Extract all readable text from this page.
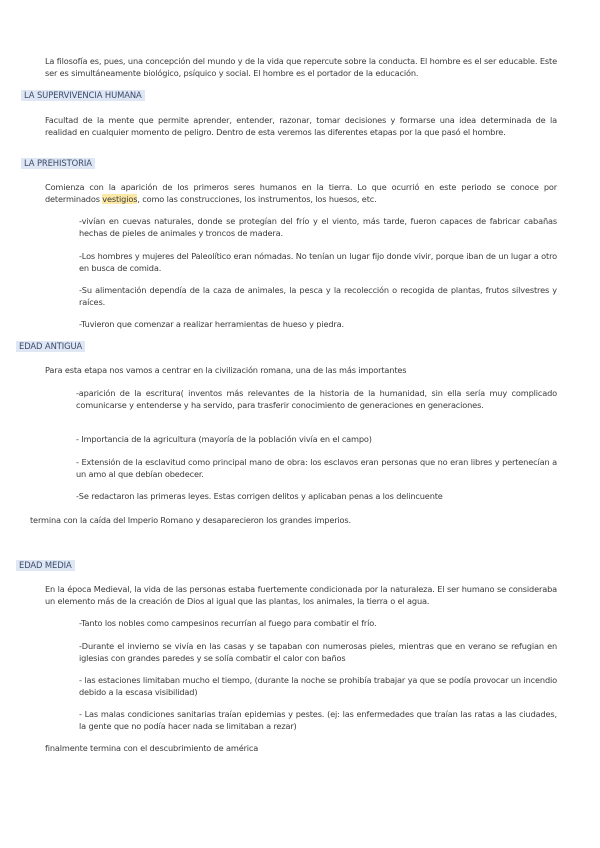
La filosofía es, pues, una concepción del mundo y de la vida que repercute sobre la conducta. El hombre es el ser educable. Este ser es simultáneamente biológico, psíquico y social. El hombre es el portador de la educación.

LA SUPERVIVENCIA HUMANA

Facultad de la mente que permite aprender, entender, razonar, tomar decisiones y formarse una idea determinada de la realidad en cualquier momento de peligro. Dentro de esta veremos las diferentes etapas por la que pasó el hombre.

LA PREHISTORIA

Comienza con la aparición de los primeros seres humanos en la tierra. Lo que ocurrió en este periodo se conoce por determinados vestigios, como las construcciones, los instrumentos, los huesos, etc.

-vivían en cuevas naturales, donde se protegían del frío y el viento, más tarde, fueron capaces de fabricar cabañas hechas de pieles de animales y troncos de madera.

-Los hombres y mujeres del Paleolítico eran nómadas. No tenían un lugar fijo donde vivir, porque iban de un lugar a otro en busca de comida.

-Su alimentación dependía de la caza de animales, la pesca y la recolección o recogida de plantas, frutos silvestres y raíces.

-Tuvieron que comenzar a realizar herramientas de hueso y piedra.

EDAD ANTIGUA

Para esta etapa nos vamos a centrar en la civilización romana, una de las más importantes

-aparición de la escritura( inventos más relevantes de la historia de la humanidad, sin ella sería muy complicado comunicarse y entenderse y ha servido, para trasferir conocimiento de generaciones en generaciones.

- Importancia de la agricultura (mayoría de la población vivía en el campo)

- Extensión de la esclavitud como principal mano de obra: los esclavos eran personas que no eran libres y pertenecían a un amo al que debían obedecer.

-Se redactaron las primeras leyes. Estas corrigen delitos y aplicaban penas a los delincuente

termina con la caída del Imperio Romano y desaparecieron los grandes imperios.

EDAD MEDIA

En la época Medieval, la vida de las personas estaba fuertemente condicionada por la naturaleza. El ser humano se consideraba un elemento más de la creación de Dios al igual que las plantas, los animales, la tierra o el agua.

-Tanto los nobles como campesinos recurrían al fuego para combatir el frío.

-Durante el invierno se vivía en las casas y se tapaban con numerosas pieles, mientras que en verano se refugian en iglesias con grandes paredes y se solía combatir el calor con baños

- las estaciones limitaban mucho el tiempo, (durante la noche se prohibía trabajar ya que se podía provocar un incendio debido a la escasa visibilidad)

- Las malas condiciones sanitarias traían epidemias y pestes. (ej: las enfermedades que traían las ratas a las ciudades, la gente que no podía hacer nada se limitaban a rezar)

finalmente termina con el descubrimiento de américa
